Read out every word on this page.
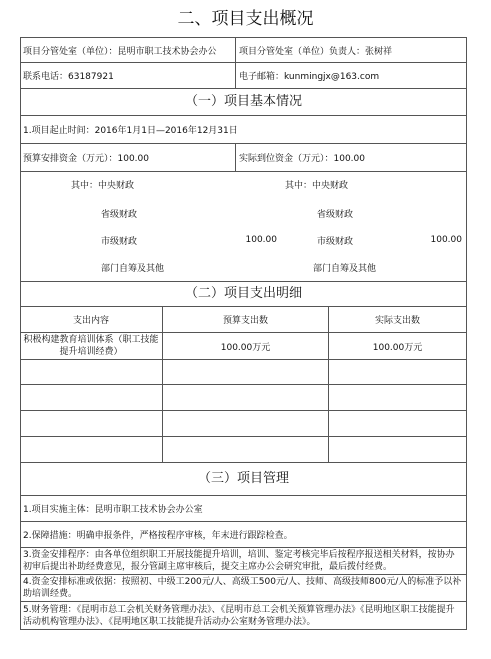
二、项目支出概况
项目分管处室（单位）：昆明市职工技术协会办公	项目分管处室（单位）负责人：张树祥
联系电话：63187921	电子邮箱：kunmingjx@163.com
（一）项目基本情况
1.项目起止时间：2016年1月1日—2016年12月31日
预算安排资金（万元）：100.00	实际到位资金（万元）：100.00
其中：中央财政	其中：中央财政
省级财政	省级财政
市级财政	100.00	市级财政	100.00
部门自筹及其他	部门自筹及其他
（二）项目支出明细
支出内容	预算支出数	实际支出数
积极构建教育培训体系（职工技能提升培训经费）	100.00万元	100.00万元
（三）项目管理
1.项目实施主体：昆明市职工技术协会办公室
2.保障措施：明确申报条件，严格按程序审核，年末进行跟踪检查。
3.资金安排程序：由各单位组织职工开展技能提升培训，培训、鉴定考核完毕后按程序报送相关材料，按协办初审后提出补助经费意见，报分管副主席审核后，提交主席办公会研究审批，最后拨付经费。
4.资金安排标准或依据：按照初、中级工200元/人、高级工500元/人、技师、高级技师800元/人的标准予以补助培训经费。
5.财务管理：《昆明市总工会机关财务管理办法》、《昆明市总工会机关预算管理办法》《昆明地区职工技能提升活动机构管理办法》、《昆明地区职工技能提升活动办公室财务管理办法》。
